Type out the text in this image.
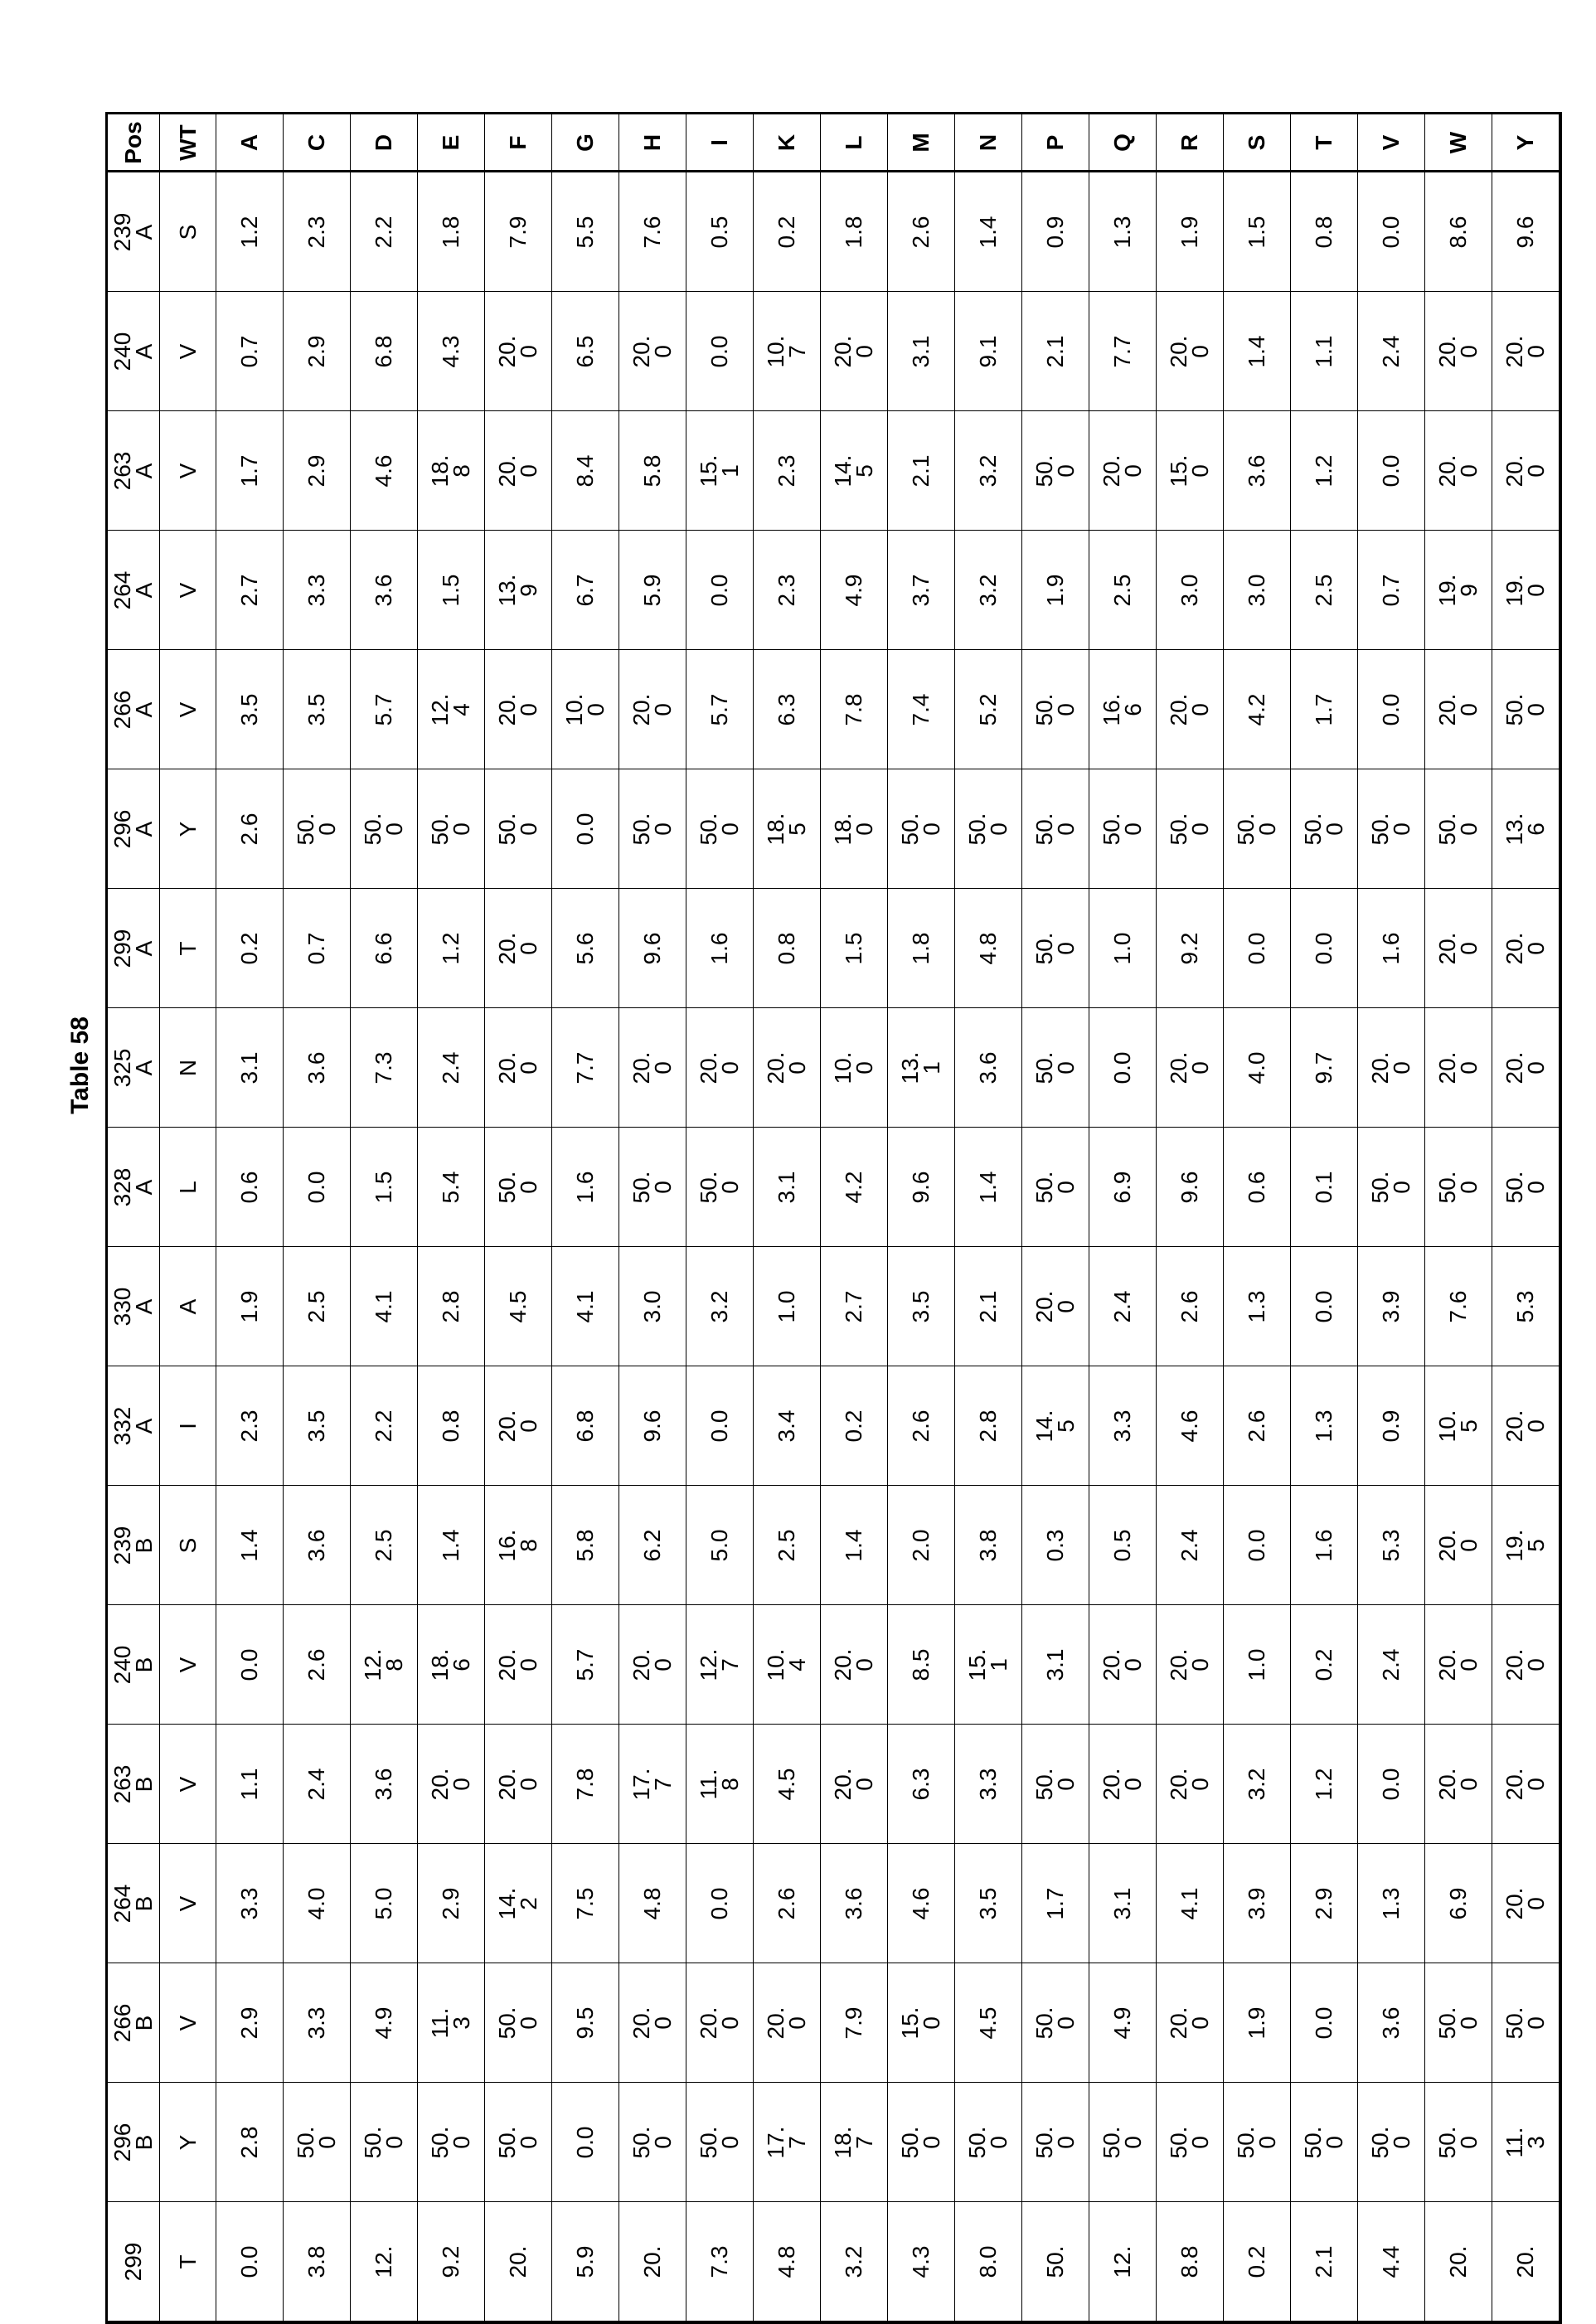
Table 58
Pos WT A C D E F G H I K L M N P Q R S T V W Y
239A S 1.2 2.3 2.2 1.8 7.9 5.5 7.6 0.5 0.2 1.8 2.6 1.4 0.9 1.3 1.9 1.5 0.8 0.0 8.6 9.6
240A V 0.7 2.9 6.8 4.3 20.0 6.5 20.0 0.0 10.7 20.0 3.1 9.1 2.1 7.7 20.0 1.4 1.1 2.4 20.0 20.0
263A V 1.7 2.9 4.6 18.8 20.0 8.4 5.8 15.1 2.3 14.5 2.1 3.2 50.0 20.0 15.0 3.6 1.2 0.0 20.0 20.0
264A V 2.7 3.3 3.6 1.5 13.9 6.7 5.9 0.0 2.3 4.9 3.7 3.2 1.9 2.5 3.0 3.0 2.5 0.7 19.9 19.0
266A V 3.5 3.5 5.7 12.4 20.0 10.0 20.0 5.7 6.3 7.8 7.4 5.2 50.0 16.6 20.0 4.2 1.7 0.0 20.0 50.0
296A Y 2.6 50.0 50.0 50.0 50.0 0.0 50.0 50.0 18.5 18.0 50.0 50.0 50.0 50.0 50.0 50.0 50.0 50.0 50.0 13.6
299A T 0.2 0.7 6.6 1.2 20.0 5.6 9.6 1.6 0.8 1.5 1.8 4.8 50.0 1.0 9.2 0.0 0.0 1.6 20.0 20.0
325A N 3.1 3.6 7.3 2.4 20.0 7.7 20.0 20.0 20.0 10.0 13.1 3.6 50.0 0.0 20.0 4.0 9.7 20.0 20.0 20.0
328A L 0.6 0.0 1.5 5.4 50.0 1.6 50.0 50.0 3.1 4.2 9.6 1.4 50.0 6.9 9.6 0.6 0.1 50.0 50.0 50.0
330A A 1.9 2.5 4.1 2.8 4.5 4.1 3.0 3.2 1.0 2.7 3.5 2.1 20.0 2.4 2.6 1.3 0.0 3.9 7.6 5.3
332A I 2.3 3.5 2.2 0.8 20.0 6.8 9.6 0.0 3.4 0.2 2.6 2.8 14.5 3.3 4.6 2.6 1.3 0.9 10.5 20.0
239B S 1.4 3.6 2.5 1.4 16.8 5.8 6.2 5.0 2.5 1.4 2.0 3.8 0.3 0.5 2.4 0.0 1.6 5.3 20.0 19.5
240B V 0.0 2.6 12.8 18.6 20.0 5.7 20.0 12.7 10.4 20.0 8.5 15.1 3.1 20.0 20.0 1.0 0.2 2.4 20.0 20.0
263B V 1.1 2.4 3.6 20.0 20.0 7.8 17.7 11.8 4.5 20.0 6.3 3.3 50.0 20.0 20.0 3.2 1.2 0.0 20.0 20.0
264B V 3.3 4.0 5.0 2.9 14.2 7.5 4.8 0.0 2.6 3.6 4.6 3.5 1.7 3.1 4.1 3.9 2.9 1.3 6.9 20.0
266B V 2.9 3.3 4.9 11.3 50.0 9.5 20.0 20.0 20.0 7.9 15.0 4.5 50.0 4.9 20.0 1.9 0.0 3.6 50.0 50.0
296B Y 2.8 50.0 50.0 50.0 50.0 0.0 50.0 50.0 17.7 18.7 50.0 50.0 50.0 50.0 50.0 50.0 50.0 50.0 50.0 11.3
299 T 0.0 3.8 12. 9.2 20. 5.9 20. 7.3 4.8 3.2 4.3 8.0 50. 12. 8.8 0.2 2.1 4.4 20. 20.
